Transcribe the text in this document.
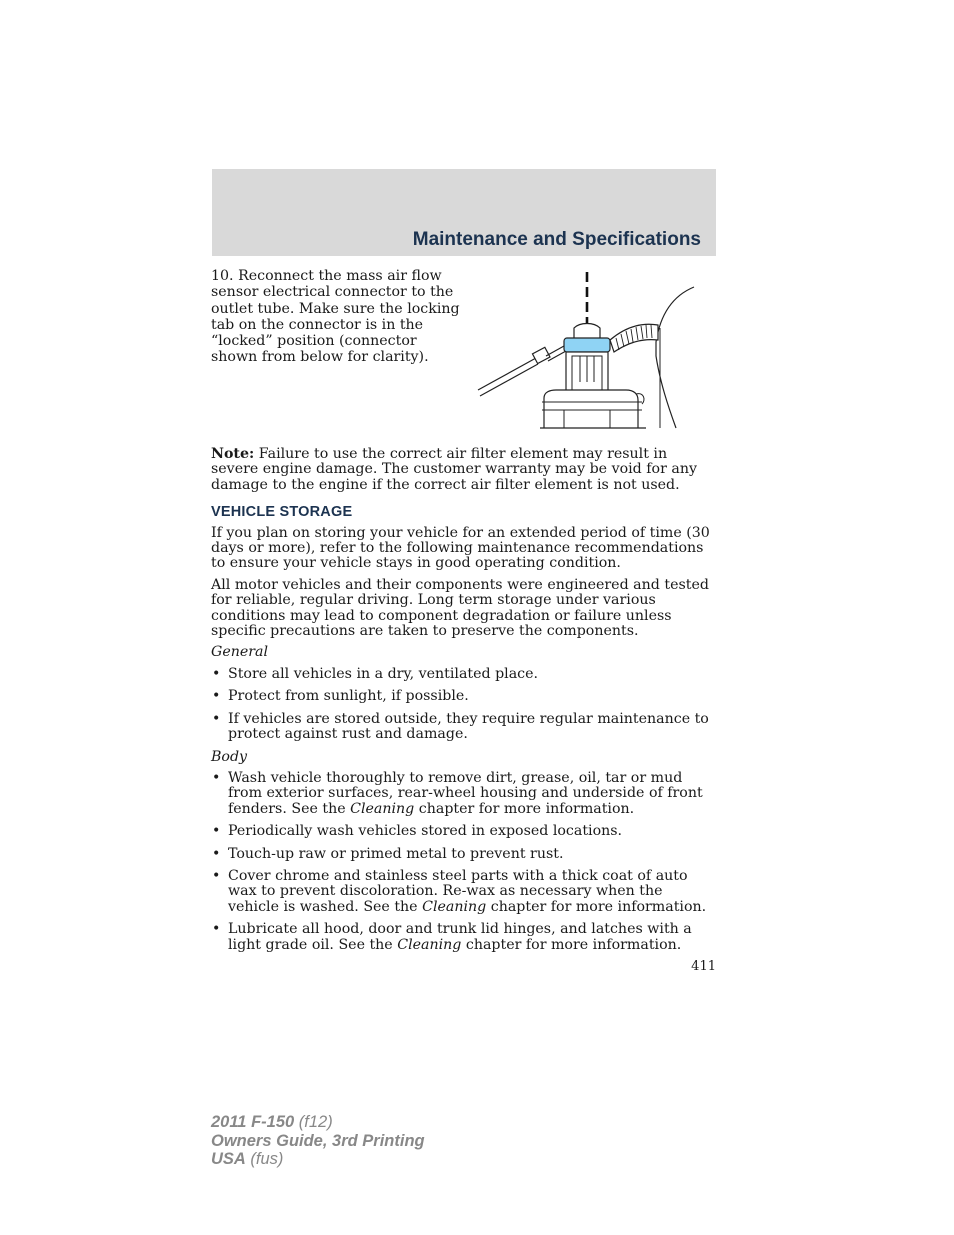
Maintenance and Specifications
10. Reconnect the mass air flow sensor electrical connector to the outlet tube. Make sure the locking tab on the connector is in the “locked” position (connector shown from below for clarity).

Note: Failure to use the correct air filter element may result in severe engine damage. The customer warranty may be void for any damage to the engine if the correct air filter element is not used.

VEHICLE STORAGE

If you plan on storing your vehicle for an extended period of time (30 days or more), refer to the following maintenance recommendations to ensure your vehicle stays in good operating condition.

All motor vehicles and their components were engineered and tested for reliable, regular driving. Long term storage under various conditions may lead to component degradation or failure unless specific precautions are taken to preserve the components.

General

• Store all vehicles in a dry, ventilated place.
• Protect from sunlight, if possible.
• If vehicles are stored outside, they require regular maintenance to protect against rust and damage.

Body

• Wash vehicle thoroughly to remove dirt, grease, oil, tar or mud from exterior surfaces, rear-wheel housing and underside of front fenders. See the Cleaning chapter for more information.
• Periodically wash vehicles stored in exposed locations.
• Touch-up raw or primed metal to prevent rust.
• Cover chrome and stainless steel parts with a thick coat of auto wax to prevent discoloration. Re-wax as necessary when the vehicle is washed. See the Cleaning chapter for more information.
• Lubricate all hood, door and trunk lid hinges, and latches with a light grade oil. See the Cleaning chapter for more information.
411
2011 F-150 (f12)
Owners Guide, 3rd Printing
USA (fus)
